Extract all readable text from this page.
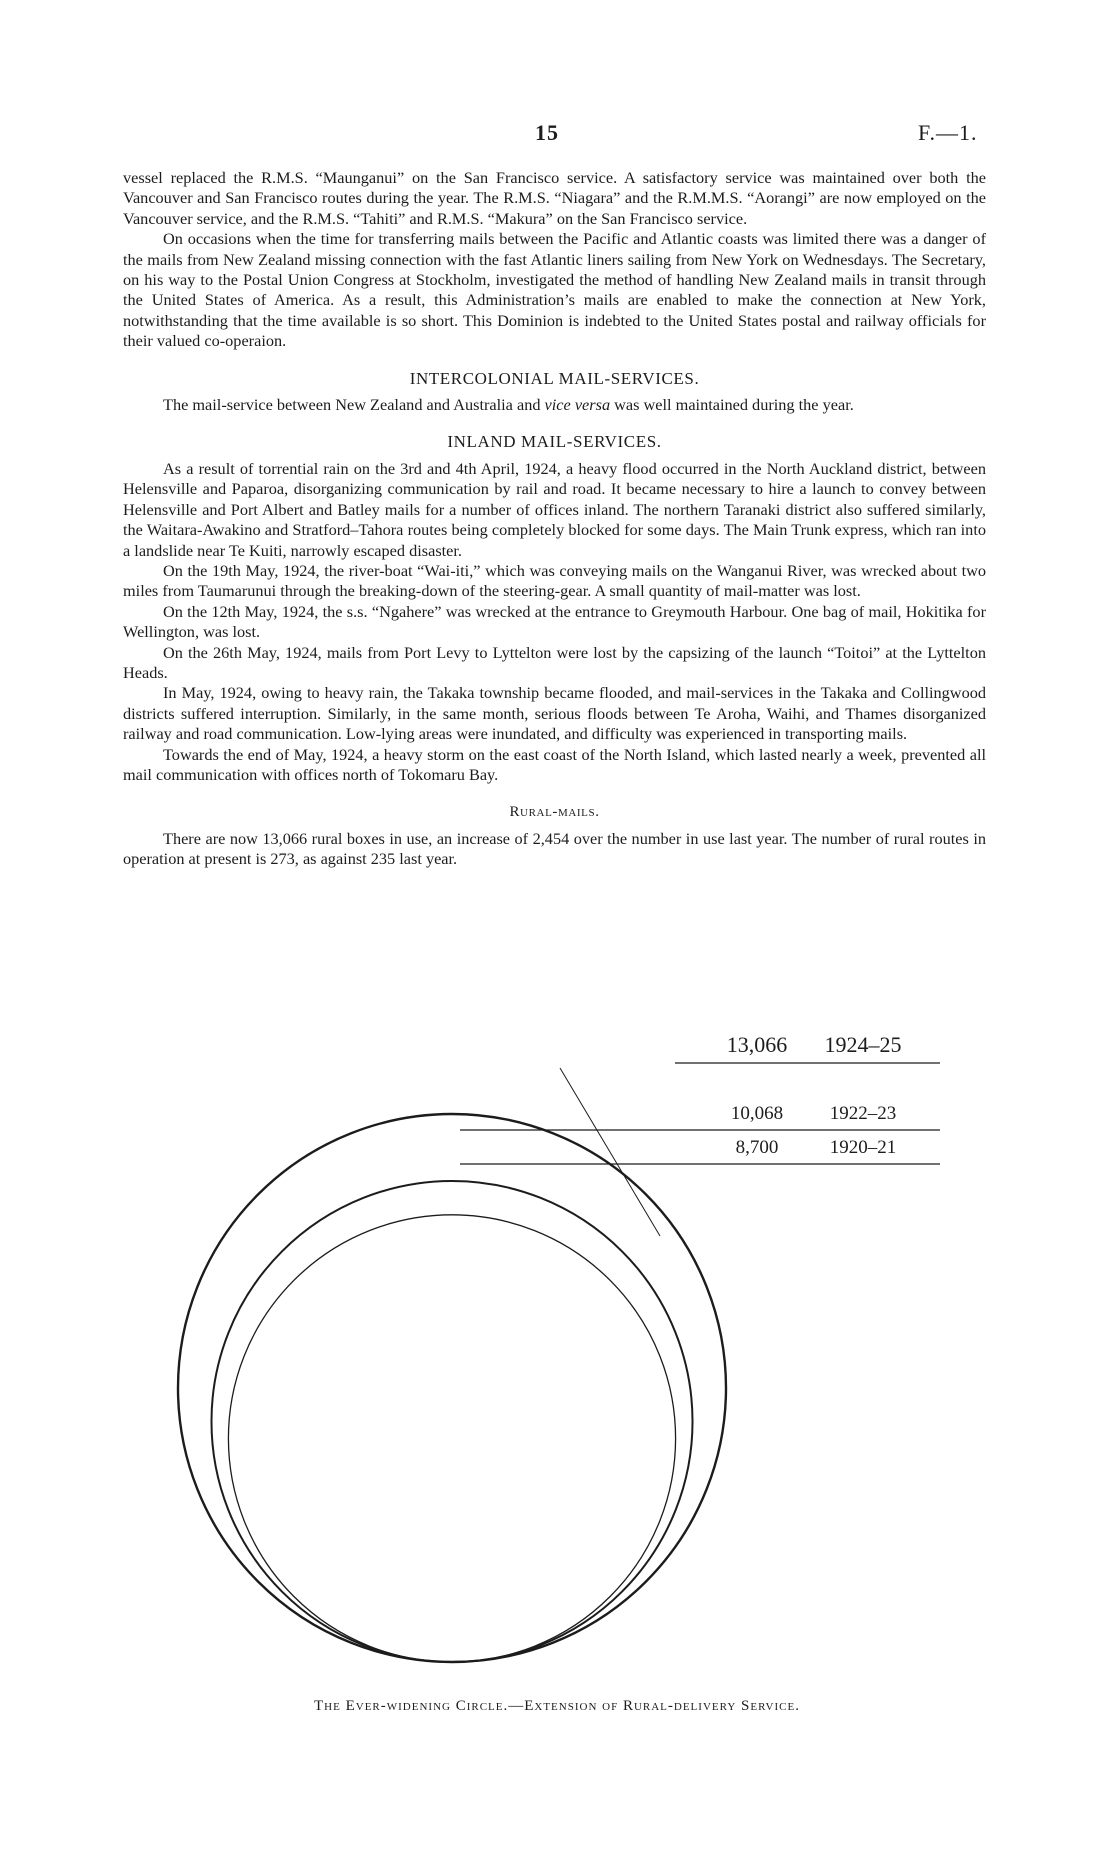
15	F.—1.

vessel replaced the R.M.S. “Maunganui” on the San Francisco service. A satisfactory service was maintained over both the Vancouver and San Francisco routes during the year. The R.M.S. “Niagara” and the R.M.M.S. “Aorangi” are now employed on the Vancouver service, and the R.M.S. “Tahiti” and R.M.S. “Makura” on the San Francisco service.

On occasions when the time for transferring mails between the Pacific and Atlantic coasts was limited there was a danger of the mails from New Zealand missing connection with the fast Atlantic liners sailing from New York on Wednesdays. The Secretary, on his way to the Postal Union Congress at Stockholm, investigated the method of handling New Zealand mails in transit through the United States of America. As a result, this Administration’s mails are enabled to make the connection at New York, notwithstanding that the time available is so short. This Dominion is indebted to the United States postal and railway officials for their valued co-operaion.

INTERCOLONIAL MAIL-SERVICES.

The mail-service between New Zealand and Australia and vice versa was well maintained during the year.

INLAND MAIL-SERVICES.

As a result of torrential rain on the 3rd and 4th April, 1924, a heavy flood occurred in the North Auckland district, between Helensville and Paparoa, disorganizing communication by rail and road. It became necessary to hire a launch to convey between Helensville and Port Albert and Batley mails for a number of offices inland. The northern Taranaki district also suffered similarly, the Waitara-Awakino and Stratford–Tahora routes being completely blocked for some days. The Main Trunk express, which ran into a landslide near Te Kuiti, narrowly escaped disaster.

On the 19th May, 1924, the river-boat “Wai-iti,” which was conveying mails on the Wanganui River, was wrecked about two miles from Taumarunui through the breaking-down of the steering-gear. A small quantity of mail-matter was lost.

On the 12th May, 1924, the s.s. “Ngahere” was wrecked at the entrance to Greymouth Harbour. One bag of mail, Hokitika for Wellington, was lost.

On the 26th May, 1924, mails from Port Levy to Lyttelton were lost by the capsizing of the launch “Toitoi” at the Lyttelton Heads.

In May, 1924, owing to heavy rain, the Takaka township became flooded, and mail-services in the Takaka and Collingwood districts suffered interruption. Similarly, in the same month, serious floods between Te Aroha, Waihi, and Thames disorganized railway and road communication. Low-lying areas were inundated, and difficulty was experienced in transporting mails.

Towards the end of May, 1924, a heavy storm on the east coast of the North Island, which lasted nearly a week, prevented all mail communication with offices north of Tokomaru Bay.

Rural-mails.

There are now 13,066 rural boxes in use, an increase of 2,454 over the number in use last year. The number of rural routes in operation at present is 273, as against 235 last year.

13,066 1924–25
10,068 1922–23
8,700	1920–21
The Ever-widening Circle.—Extension of Rural-delivery Service.
